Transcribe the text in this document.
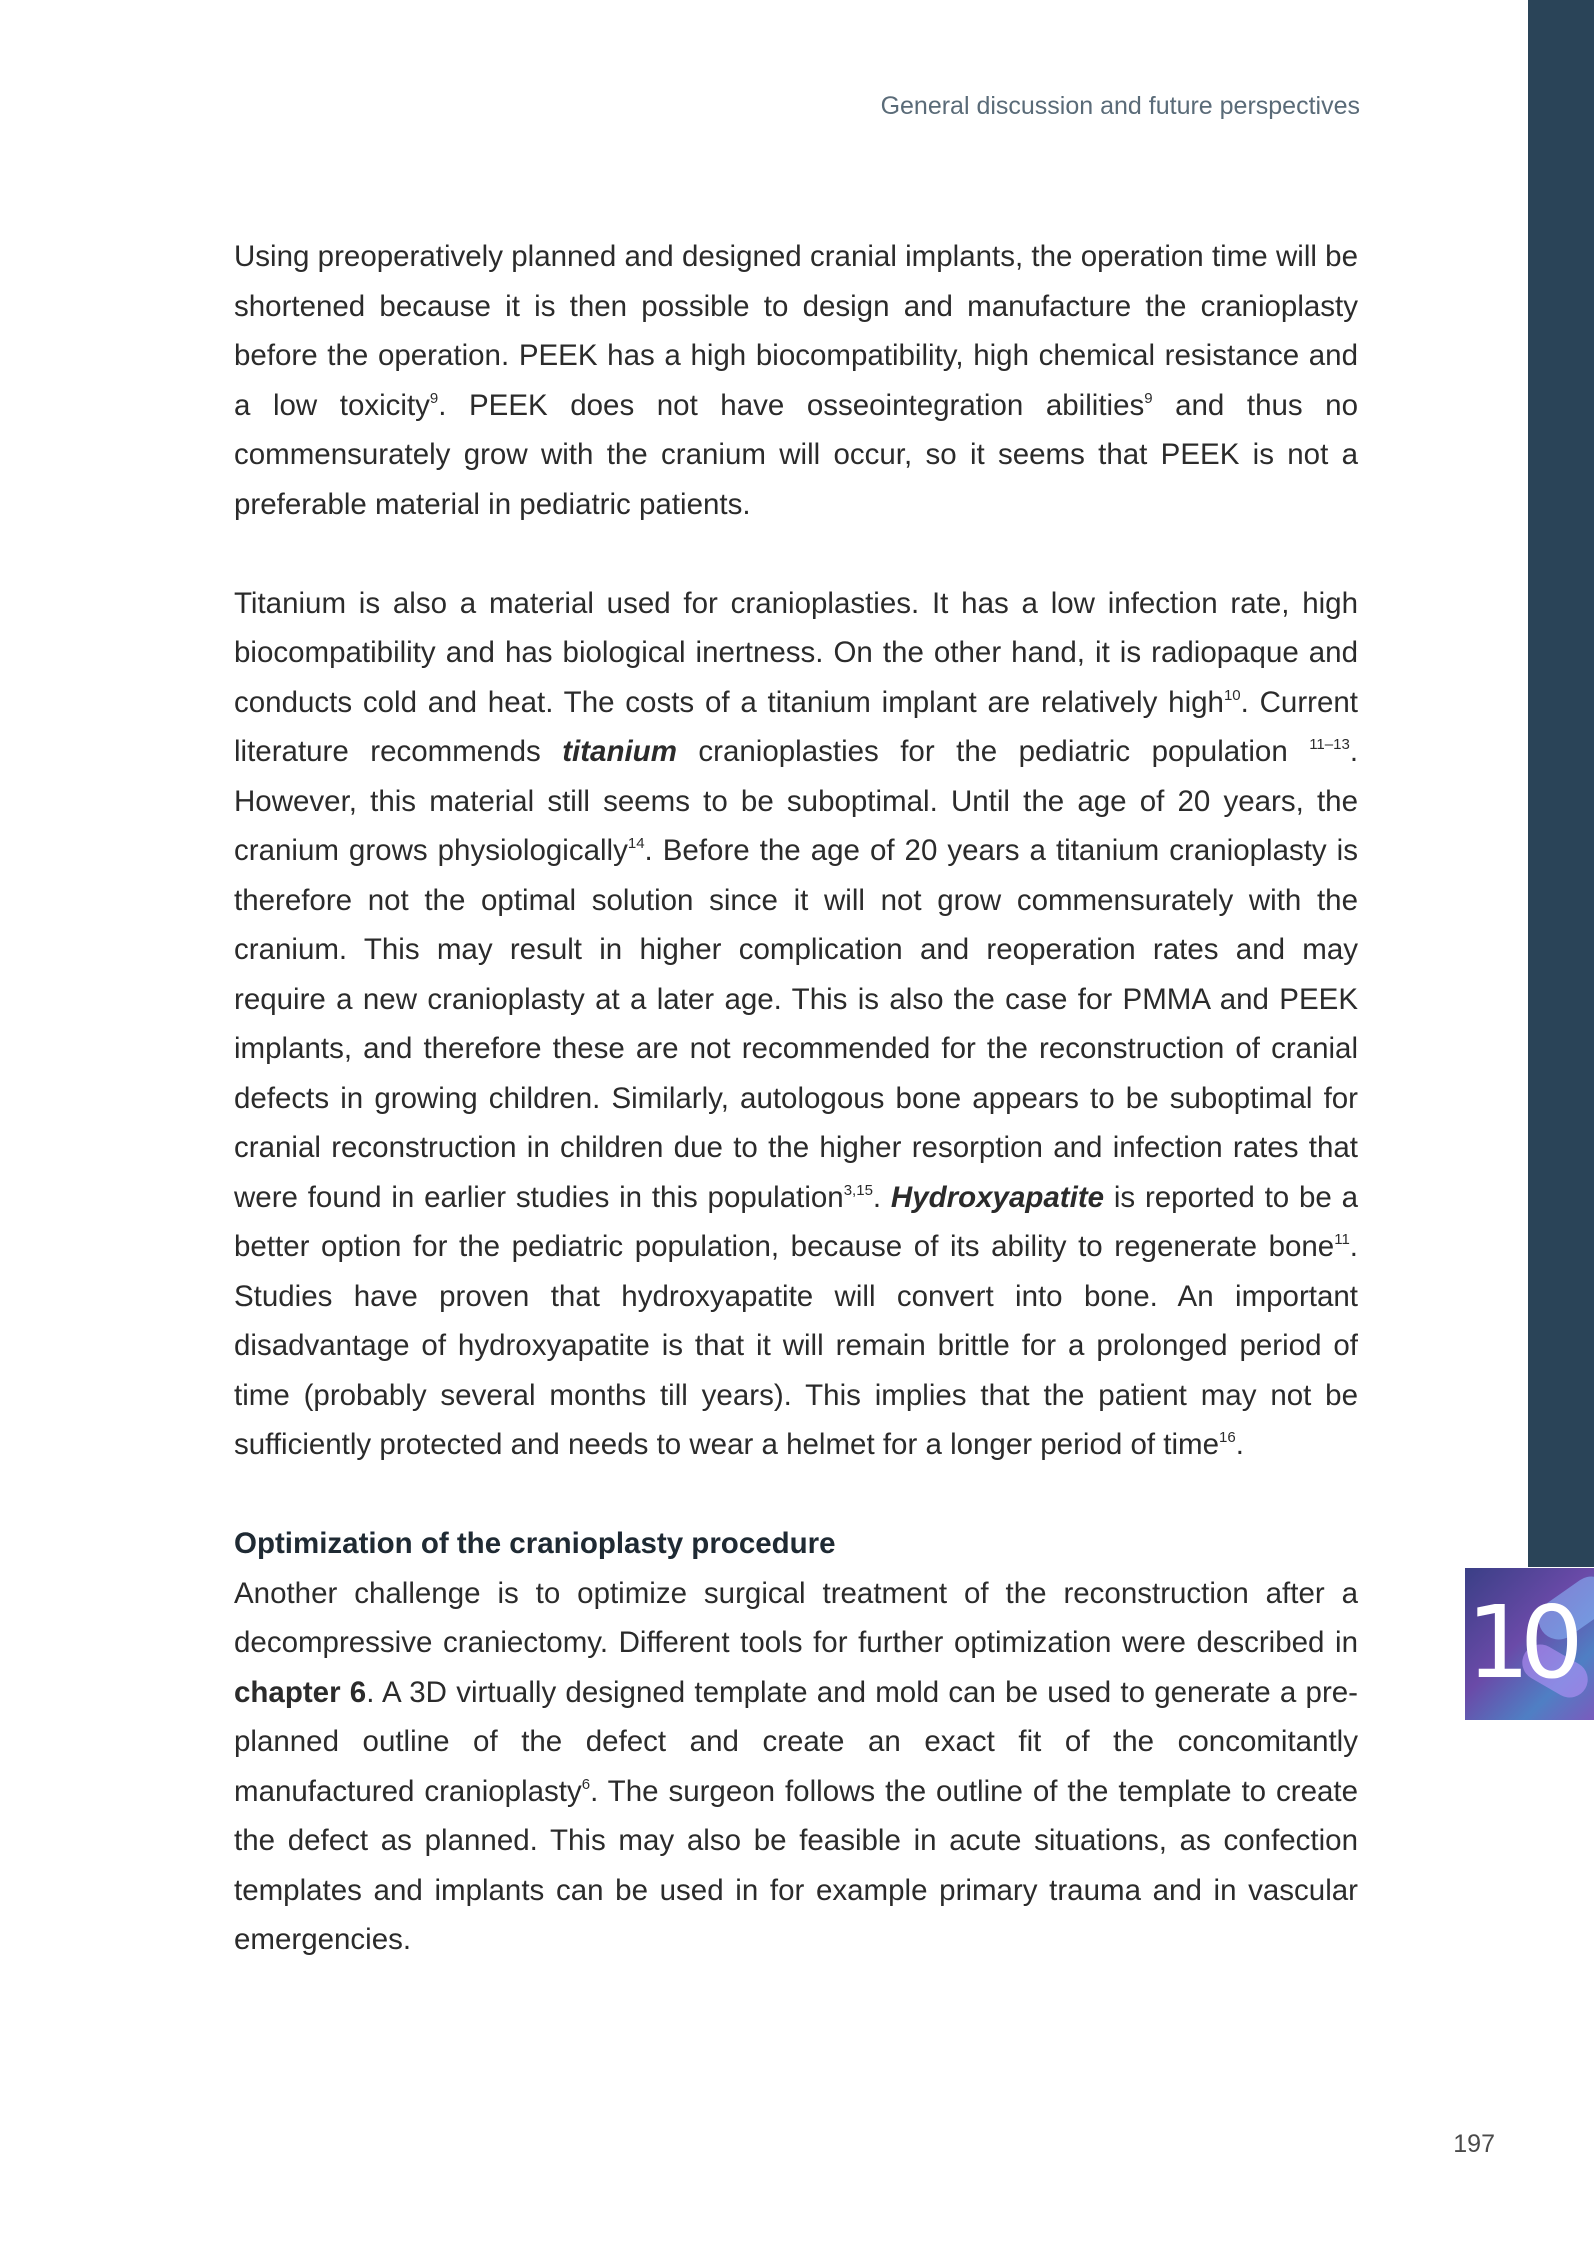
10
General discussion and future perspectives

Using preoperatively planned and designed cranial implants, the operation time will be shortened because it is then possible to design and manufacture the cranioplasty before the operation. PEEK has a high biocompatibility, high chemical resistance and a low toxicity$^9$. PEEK does not have osseointegration abilities$^9$ and thus no commensurately grow with the cranium will occur, so it seems that PEEK is not a preferable material in pediatric patients.

Titanium is also a material used for cranioplasties. It has a low infection rate, high biocompatibility and has biological inertness. On the other hand, it is radiopaque and conducts cold and heat. The costs of a titanium implant are relatively high$^{10}$. Current literature recommends titanium cranioplasties for the pediatric population $^{11-13}$. However, this material still seems to be suboptimal. Until the age of 20 years, the cranium grows physiologically$^{14}$. Before the age of 20 years a titanium cranioplasty is therefore not the optimal solution since it will not grow commensurately with the cranium. This may result in higher complication and reoperation rates and may require a new cranioplasty at a later age. This is also the case for PMMA and PEEK implants, and therefore these are not recommended for the reconstruction of cranial defects in growing children. Similarly, autologous bone appears to be suboptimal for cranial reconstruction in children due to the higher resorption and infection rates that were found in earlier studies in this population$^{3,15}$. Hydroxyapatite is reported to be a better option for the pediatric population, because of its ability to regenerate bone$^{11}$. Studies have proven that hydroxyapatite will convert into bone. An important disadvantage of hydroxyapatite is that it will remain brittle for a prolonged period of time (probably several months till years). This implies that the patient may not be sufficiently protected and needs to wear a helmet for a longer period of time$^{16}$.

Optimization of the cranioplasty procedure

Another challenge is to optimize surgical treatment of the reconstruction after a decompressive craniectomy. Different tools for further optimization were described in chapter 6. A 3D virtually designed template and mold can be used to generate a pre-planned outline of the defect and create an exact fit of the concomitantly manufactured cranioplasty$^6$. The surgeon follows the outline of the template to create the defect as planned. This may also be feasible in acute situations, as confection templates and implants can be used in for example primary trauma and in vascular emergencies.

197
